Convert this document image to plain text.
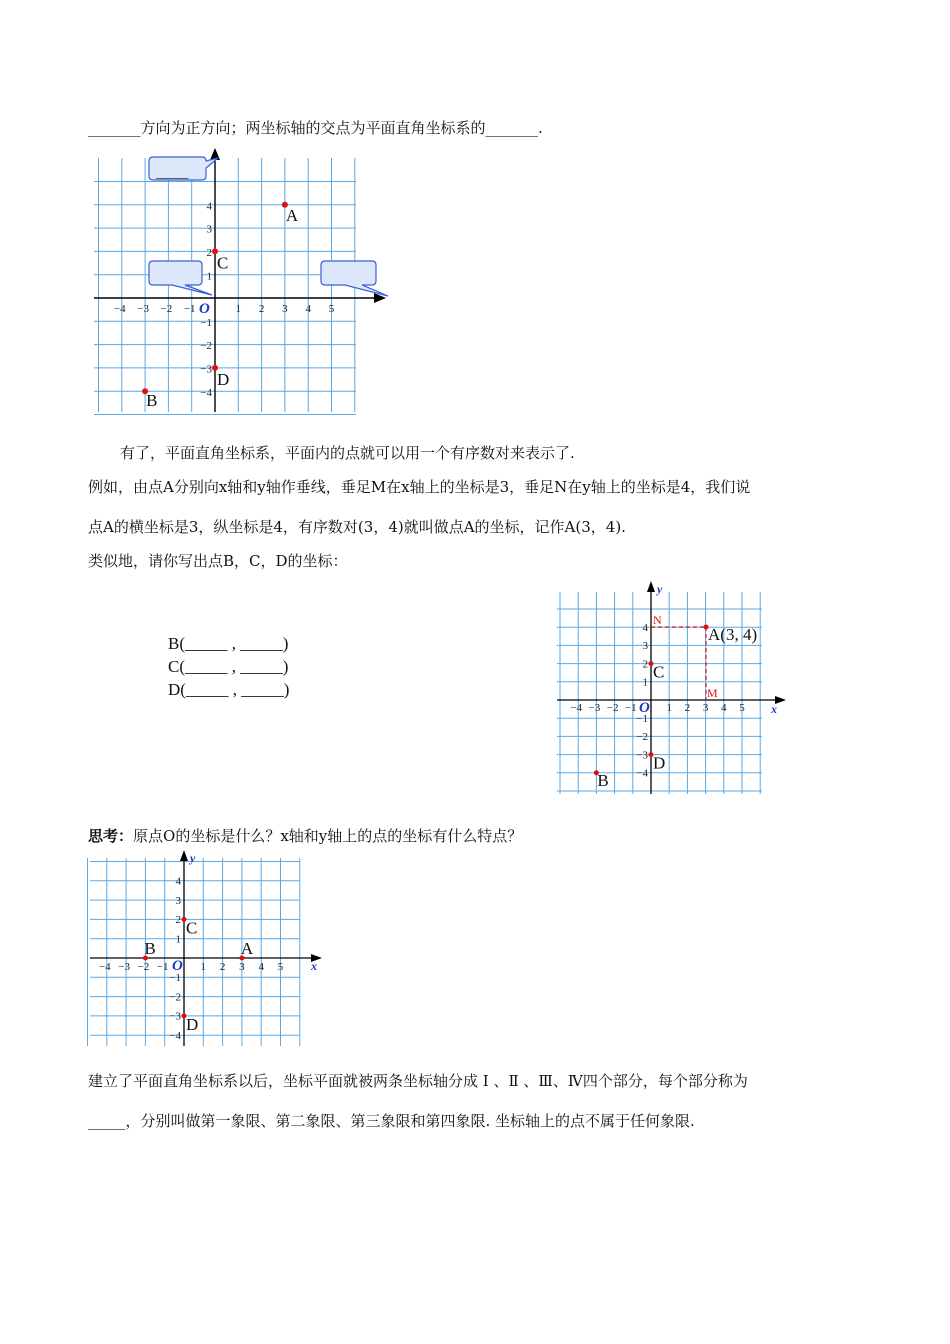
_______方向为正方向；两坐标轴的交点为平面直角坐标系的_______.
_____
−4 −3 −2 −1	1 2 3 4 5
4
3
2
1
−1
−2
−3
−4
O
A
C
D
B
有了，平面直角坐标系，平面内的点就可以用一个有序数对来表示了.
例如，由点A分别向x轴和y轴作垂线，垂足M在x轴上的坐标是3，垂足N在y轴上的坐标是4，我们说
点A的横坐标是3，纵坐标是4，有序数对(3，4)就叫做点A的坐标，记作A(3，4).
类似地，请你写出点B，C，D的坐标：
B(_____ , _____)
C(_____ , _____)
D(_____ , _____)
y
x
−4 −3 −2 −1	1 2 3 4 5
4
3
2
1
−1
−2
−3
−4
O
N
M
A(3, 4)
C
D
B
思考：原点O的坐标是什么？x轴和y轴上的点的坐标有什么特点？
y
x
−4 −3 −2 −1	1 2 3 4 5
4
3
2
1
−1
−2
−3
−4
O
C
D
B	A
建立了平面直角坐标系以后，坐标平面就被两条坐标轴分成 Ⅰ 、Ⅱ 、Ⅲ、Ⅳ四个部分，每个部分称为
_____，分别叫做第一象限、第二象限、第三象限和第四象限. 坐标轴上的点不属于任何象限.
